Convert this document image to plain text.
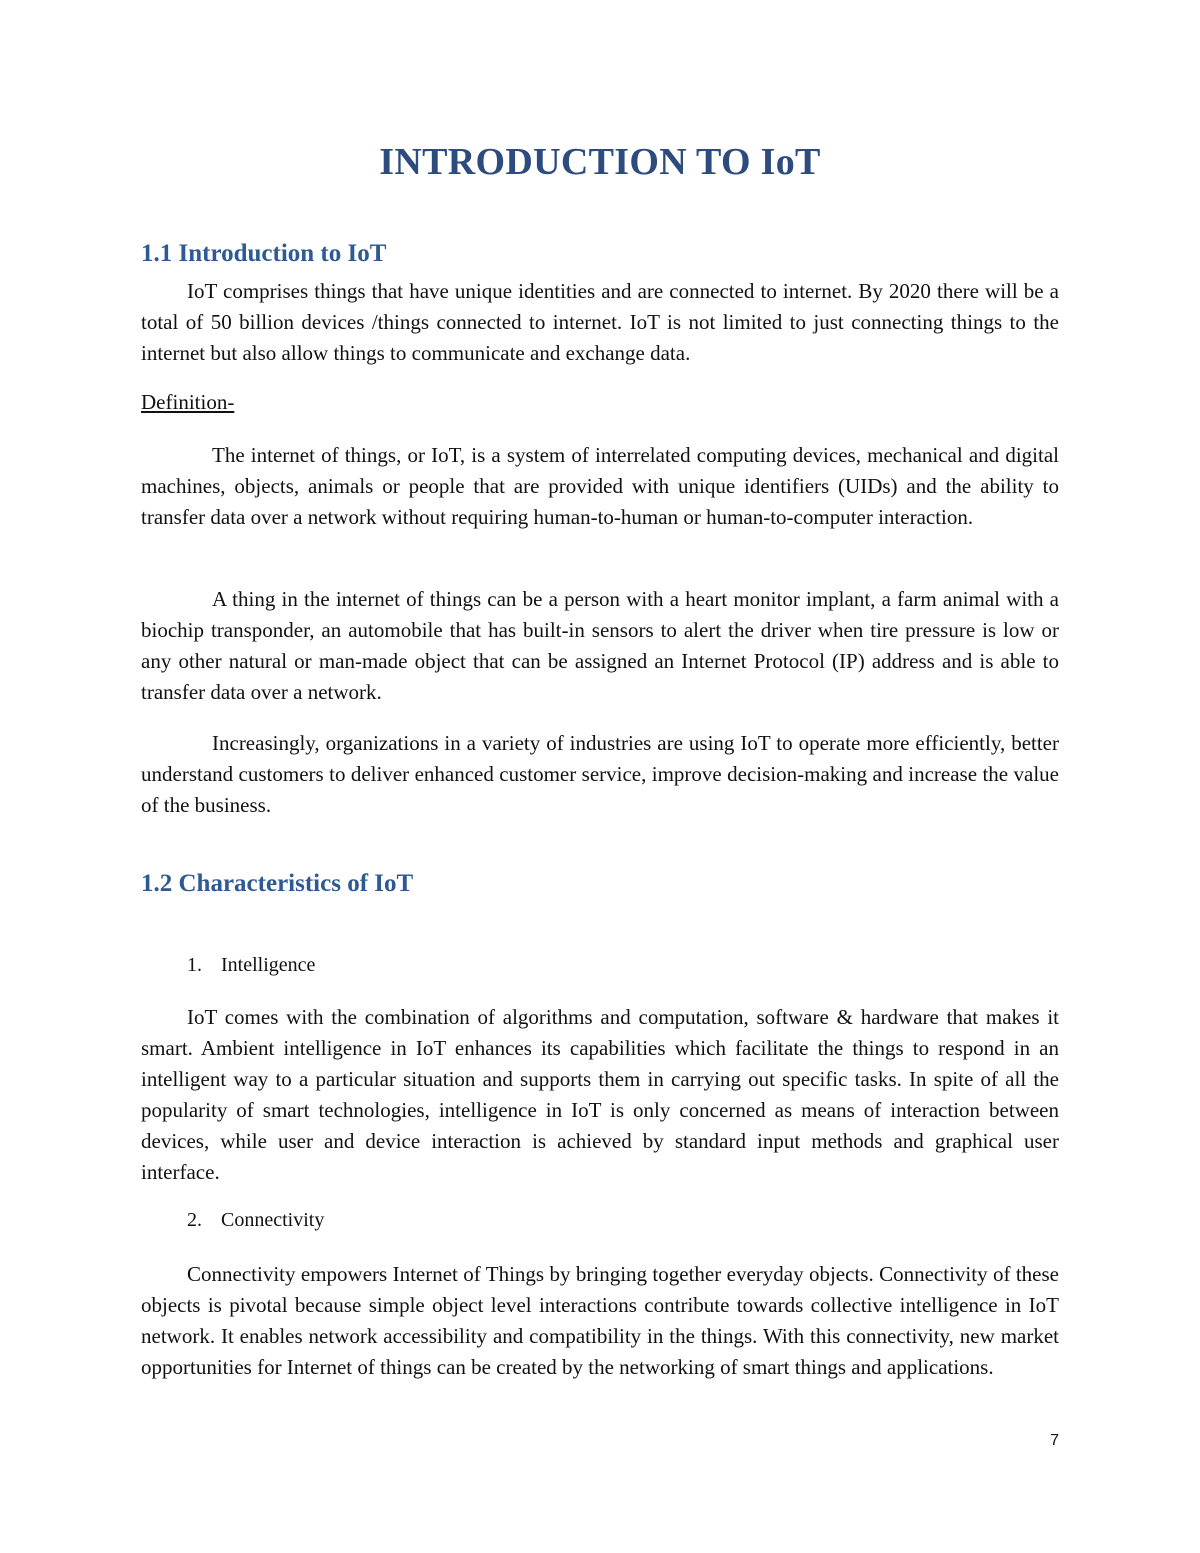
INTRODUCTION TO IoT
1.1 Introduction to IoT

IoT comprises things that have unique identities and are connected to internet. By 2020 there will be a total of 50 billion devices /things connected to internet. IoT is not limited to just connecting things to the internet but also allow things to communicate and exchange data.

Definition-

The internet of things, or IoT, is a system of interrelated computing devices, mechanical and digital machines, objects, animals or people that are provided with unique identifiers (UIDs) and the ability to transfer data over a network without requiring human-to-human or human-to-computer interaction.

A thing in the internet of things can be a person with a heart monitor implant, a farm animal with a biochip transponder, an automobile that has built-in sensors to alert the driver when tire pressure is low or any other natural or man-made object that can be assigned an Internet Protocol (IP) address and is able to transfer data over a network.

Increasingly, organizations in a variety of industries are using IoT to operate more efficiently, better understand customers to deliver enhanced customer service, improve decision-making and increase the value of the business.

1.2 Characteristics of IoT

1. Intelligence

IoT comes with the combination of algorithms and computation, software & hardware that makes it smart. Ambient intelligence in IoT enhances its capabilities which facilitate the things to respond in an intelligent way to a particular situation and supports them in carrying out specific tasks. In spite of all the popularity of smart technologies, intelligence in IoT is only concerned as means of interaction between devices, while user and device interaction is achieved by standard input methods and graphical user interface.

2. Connectivity

Connectivity empowers Internet of Things by bringing together everyday objects. Connectivity of these objects is pivotal because simple object level interactions contribute towards collective intelligence in IoT network. It enables network accessibility and compatibility in the things. With this connectivity, new market opportunities for Internet of things can be created by the networking of smart things and applications.

7
